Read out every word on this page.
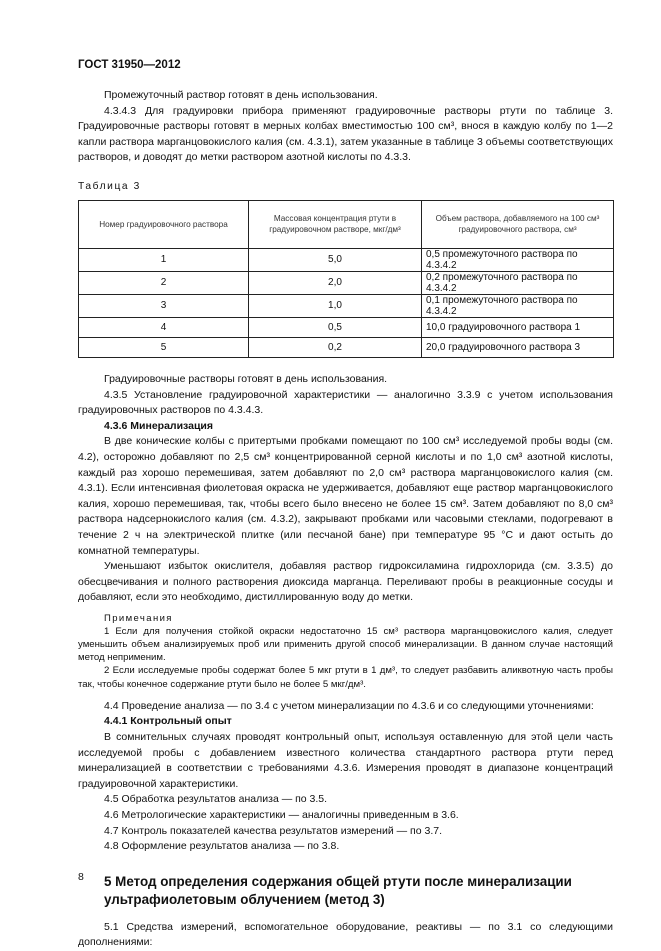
ГОСТ 31950—2012

Промежуточный раствор готовят в день использования.

4.3.4.3 Для градуировки прибора применяют градуировочные растворы ртути по таблице 3. Градуировочные растворы готовят в мерных колбах вместимостью 100 см³, внося в каждую колбу по 1—2 капли раствора марганцовокислого калия (см. 4.3.1), затем указанные в таблице 3 объемы соответствующих растворов, и доводят до метки раствором азотной кислоты по 4.3.3.

Таблица 3
Номер градуировочного раствора	Массовая концентрация ртути в градуировочном растворе, мкг/дм³	Объем раствора, добавляемого на 100 см³ градуировочного раствора, см³
1	5,0	0,5 промежуточного раствора по 4.3.4.2
2	2,0	0,2 промежуточного раствора по 4.3.4.2
3	1,0	0,1 промежуточного раствора по 4.3.4.2
4	0,5	10,0 градуировочного раствора 1
5	0,2	20,0 градуировочного раствора 3

Градуировочные растворы готовят в день использования.

4.3.5 Установление градуировочной характеристики — аналогично 3.3.9 с учетом использования градуировочных растворов по 4.3.4.3.

4.3.6 Минерализация

В две конические колбы с притертыми пробками помещают по 100 см³ исследуемой пробы воды (см. 4.2), осторожно добавляют по 2,5 см³ концентрированной серной кислоты и по 1,0 см³ азотной кислоты, каждый раз хорошо перемешивая, затем добавляют по 2,0 см³ раствора марганцовокислого калия (см. 4.3.1). Если интенсивная фиолетовая окраска не удерживается, добавляют еще раствор марганцовокислого калия, хорошо перемешивая, так, чтобы всего было внесено не более 15 см³. Затем добавляют по 8,0 см³ раствора надсернокислого калия (см. 4.3.2), закрывают пробками или часовыми стеклами, подогревают в течение 2 ч на электрической плитке (или песчаной бане) при температуре 95 °С и дают остыть до комнатной температуры.

Уменьшают избыток окислителя, добавляя раствор гидроксиламина гидрохлорида (см. 3.3.5) до обесцвечивания и полного растворения диоксида марганца. Переливают пробы в реакционные сосуды и добавляют, если это необходимо, дистиллированную воду до метки.

Примечания

1 Если для получения стойкой окраски недостаточно 15 см³ раствора марганцовокислого калия, следует уменьшить объем анализируемых проб или применить другой способ минерализации. В данном случае настоящий метод неприменим.

2 Если исследуемые пробы содержат более 5 мкг ртути в 1 дм³, то следует разбавить аликвотную часть пробы так, чтобы конечное содержание ртути было не более 5 мкг/дм³.

4.4 Проведение анализа — по 3.4 с учетом минерализации по 4.3.6 и со следующими уточнениями:

4.4.1 Контрольный опыт

В сомнительных случаях проводят контрольный опыт, используя оставленную для этой цели часть исследуемой пробы с добавлением известного количества стандартного раствора ртути перед минерализацией в соответствии с требованиями 4.3.6. Измерения проводят в диапазоне концентраций градуировочной характеристики.

4.5 Обработка результатов анализа — по 3.5.

4.6 Метрологические характеристики — аналогичны приведенным в 3.6.

4.7 Контроль показателей качества результатов измерений — по 3.7.

4.8 Оформление результатов анализа — по 3.8.

5 Метод определения содержания общей ртути после минерализации ультрафиолетовым облучением (метод 3)

5.1 Средства измерений, вспомогательное оборудование, реактивы — по 3.1 со следующими дополнениями:

8
